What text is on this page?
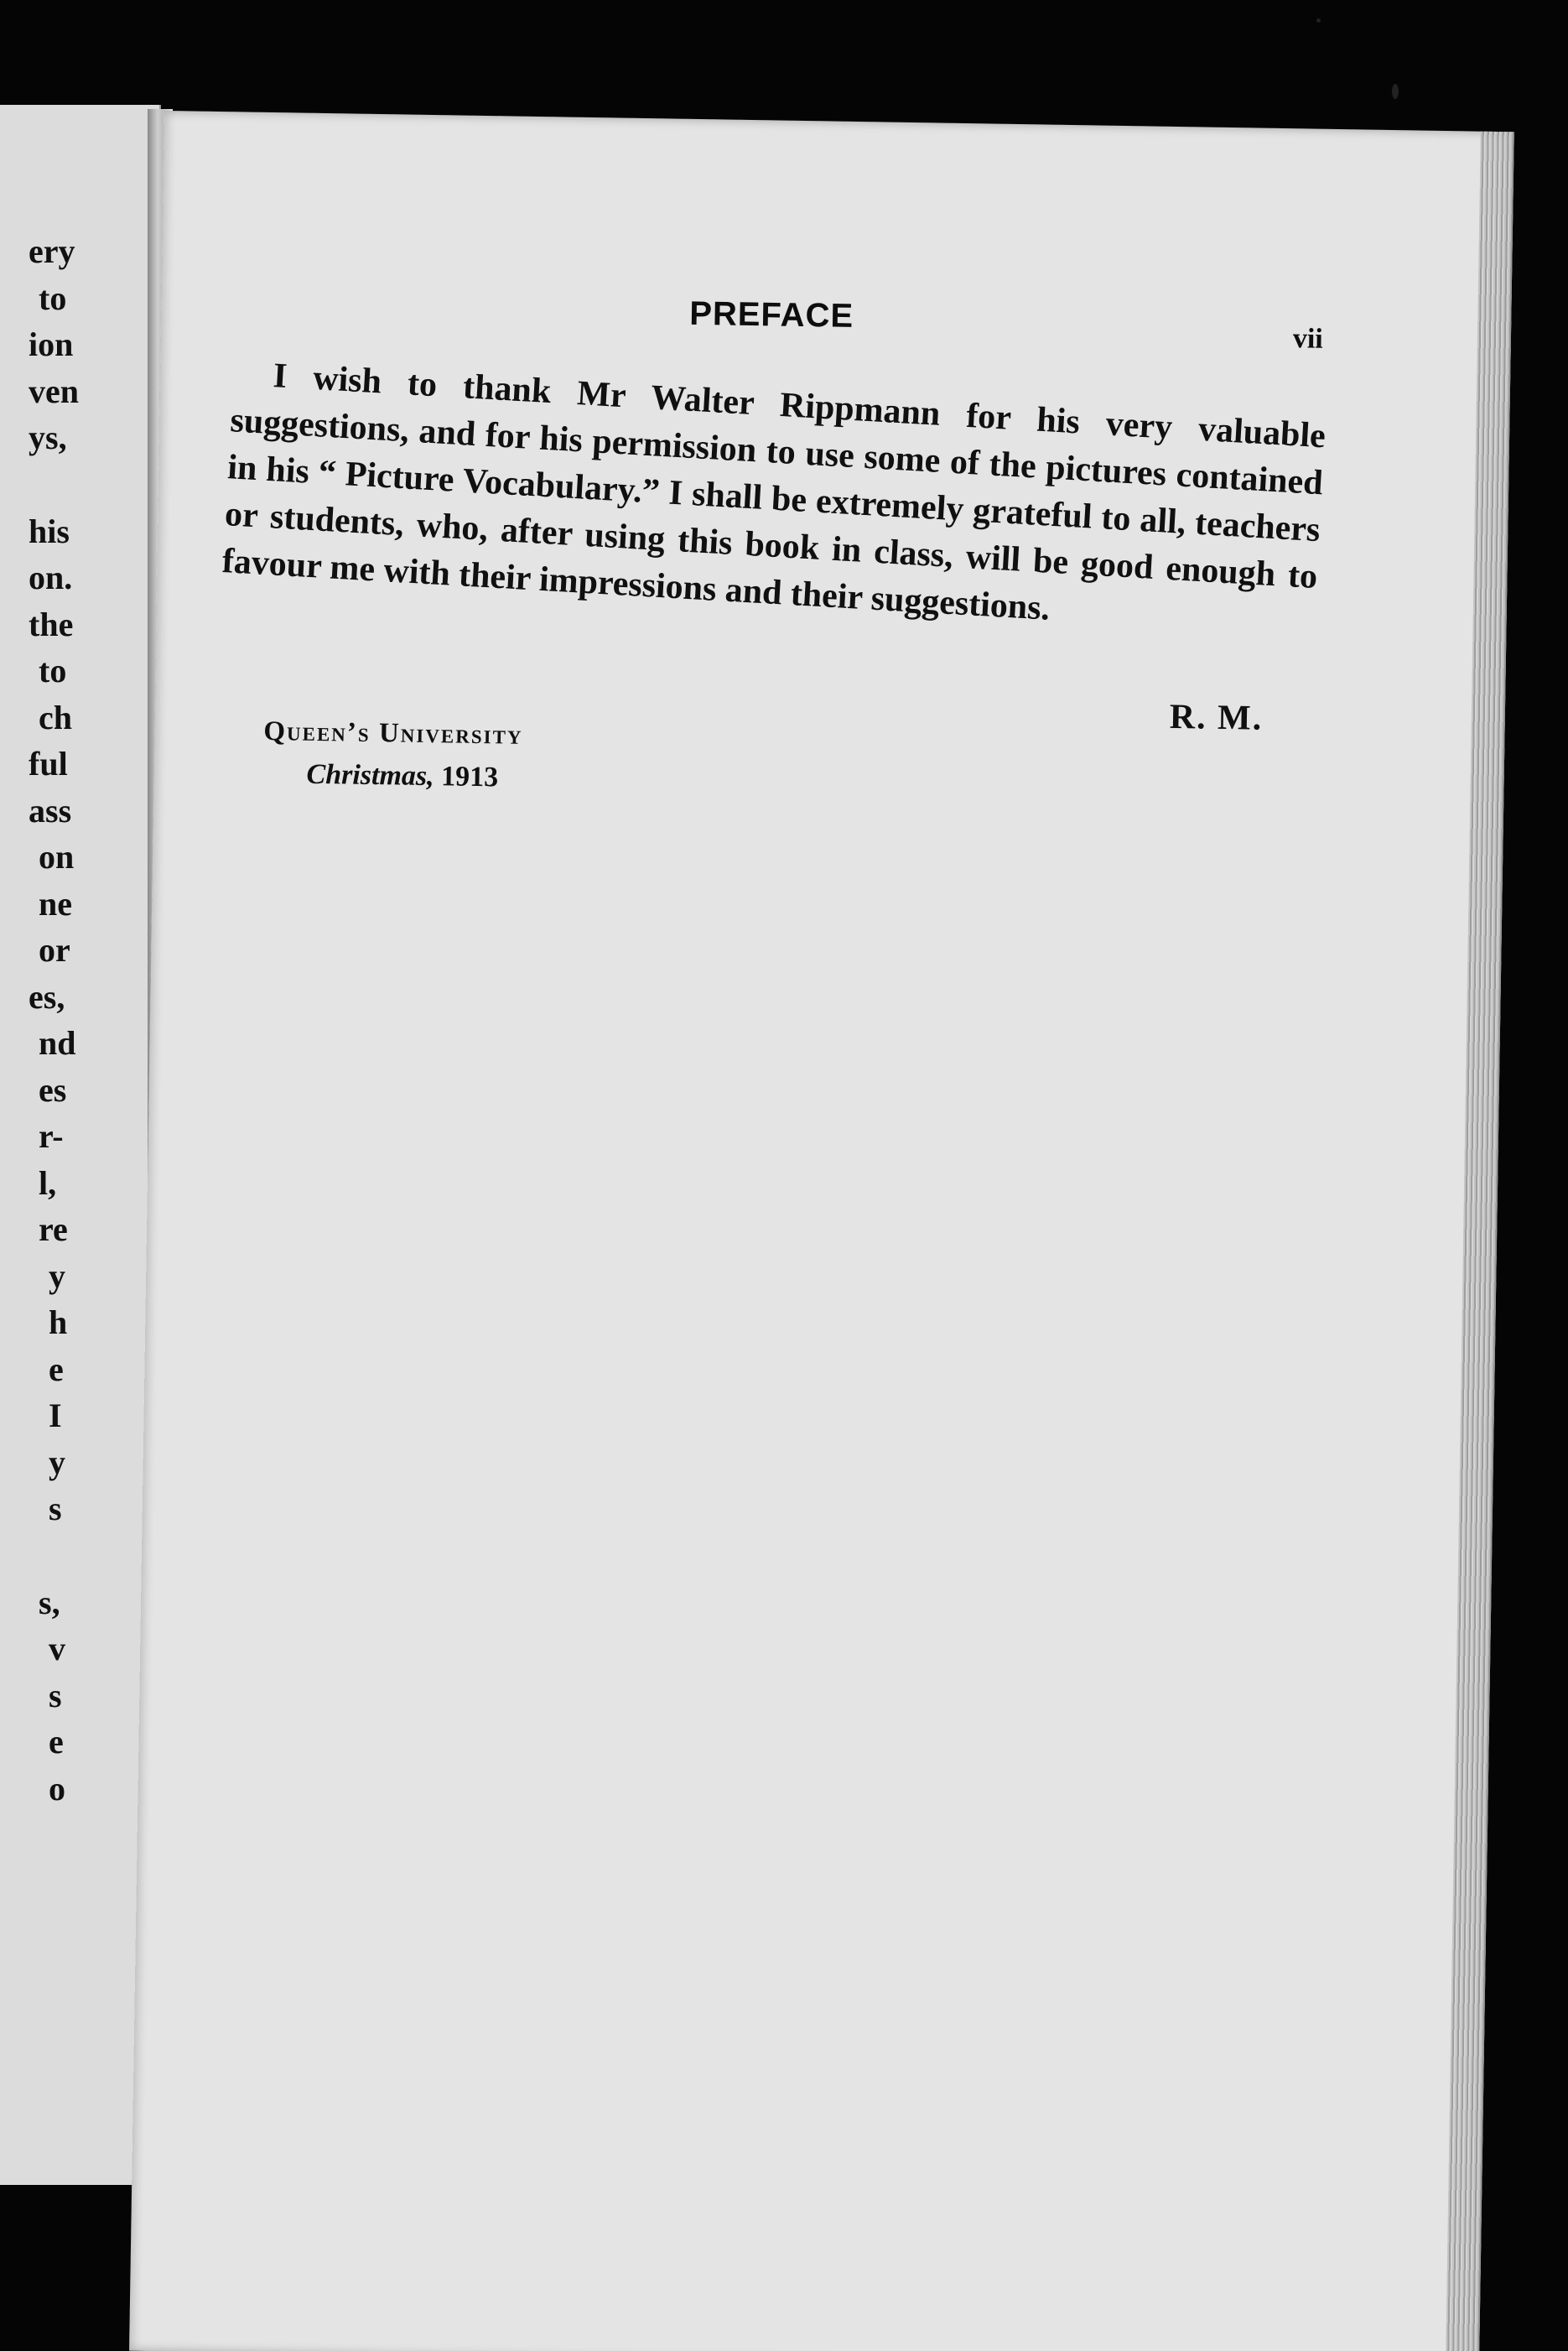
ery
to
ion
ven
ys,
his
on.
the
to
ch
ful
ass
on
ne
or
es,
nd
es
r-
l,
re
y
h
e
I
y
s
s,
v
s
e
o
PREFACE
vii

I wish to thank Mr Walter Rippmann for his very valuable suggestions, and for his permission to use some of the pictures contained in his “ Picture Vocabulary.” I shall be extremely grateful to all, teachers or students, who, after using this book in class, will be good enough to favour me with their impressions and their suggestions.

R. M.
Queen’s University
Christmas, 1913
